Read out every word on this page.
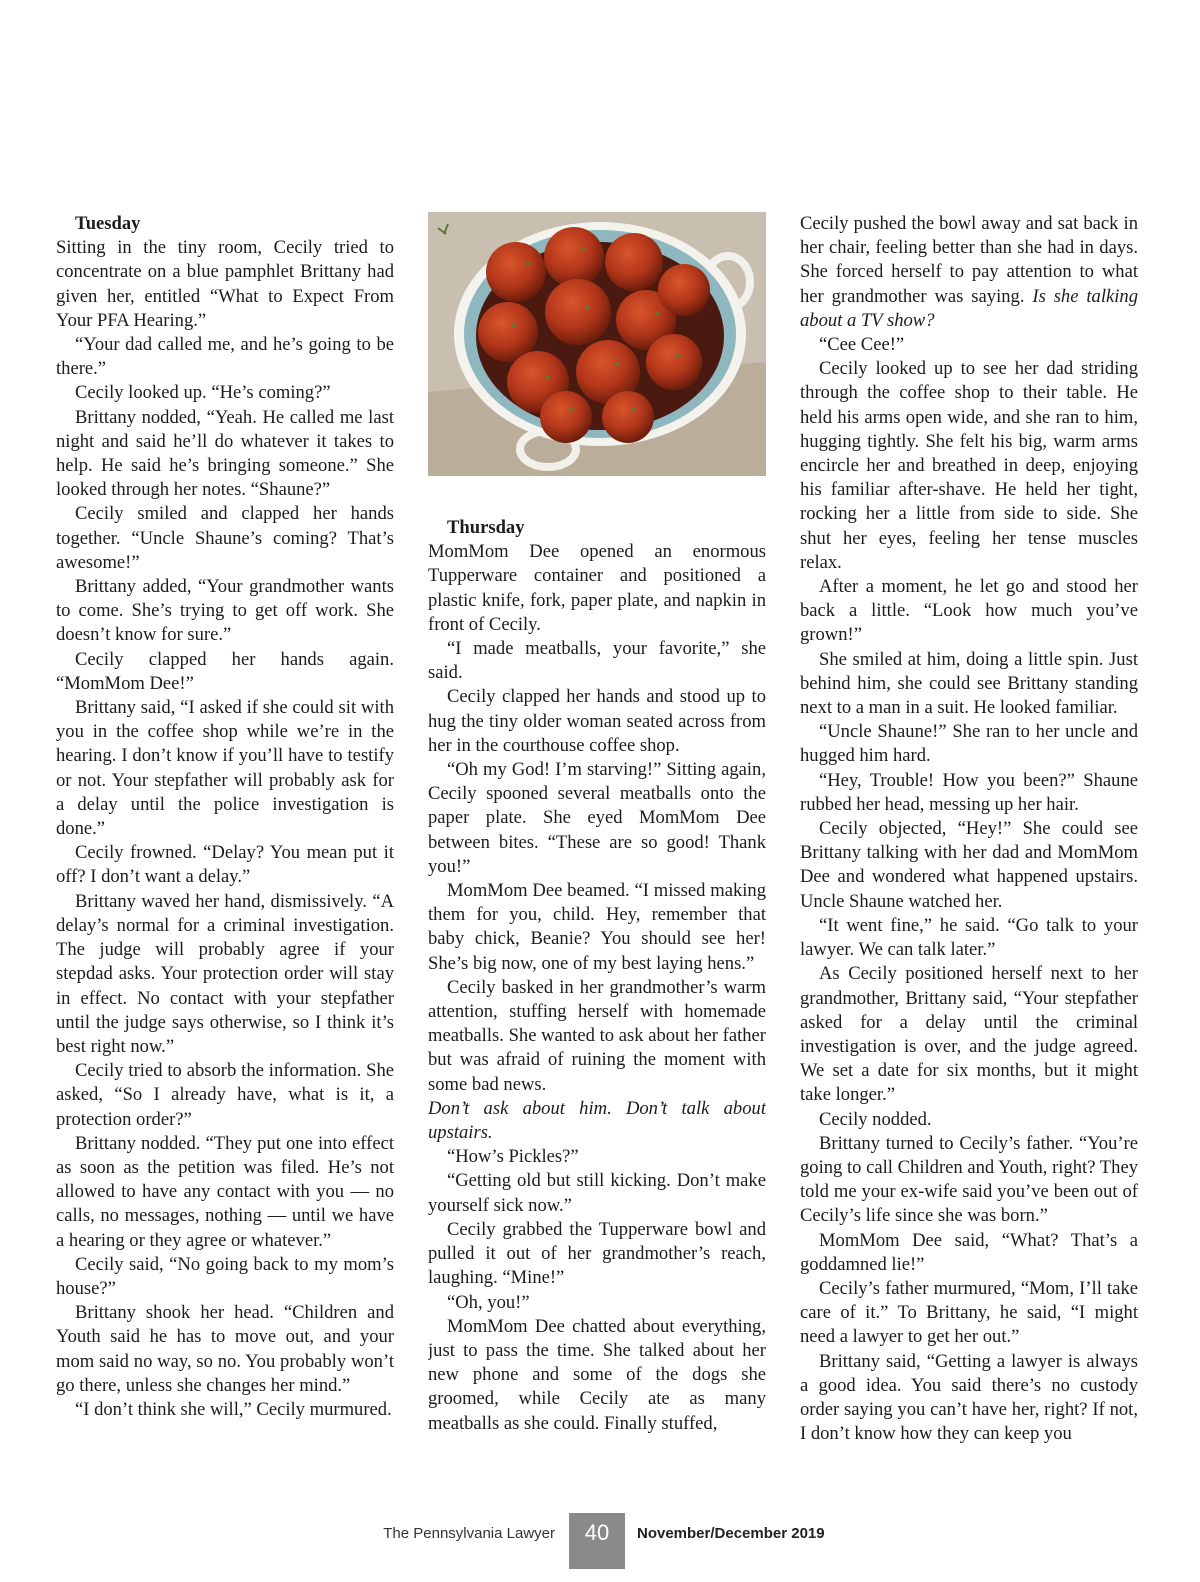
Tuesday

Sitting in the tiny room, Cecily tried to concentrate on a blue pamphlet Brittany had given her, entitled “What to Expect From Your PFA Hearing.”

“Your dad called me, and he’s going to be there.”

Cecily looked up. “He’s coming?”

Brittany nodded, “Yeah. He called me last night and said he’ll do whatever it takes to help. He said he’s bringing someone.” She looked through her notes. “Shaune?”

Cecily smiled and clapped her hands together. “Uncle Shaune’s coming? That’s awesome!”

Brittany added, “Your grandmother wants to come. She’s trying to get off work. She doesn’t know for sure.”

Cecily clapped her hands again. “MomMom Dee!”

Brittany said, “I asked if she could sit with you in the coffee shop while we’re in the hearing. I don’t know if you’ll have to testify or not. Your stepfather will probably ask for a delay until the police investigation is done.”

Cecily frowned. “Delay? You mean put it off? I don’t want a delay.”

Brittany waved her hand, dismissively. “A delay’s normal for a criminal investigation. The judge will probably agree if your stepdad asks. Your protection order will stay in effect. No contact with your stepfather until the judge says otherwise, so I think it’s best right now.”

Cecily tried to absorb the information. She asked, “So I already have, what is it, a protection order?”

Brittany nodded. “They put one into effect as soon as the petition was filed. He’s not allowed to have any contact with you — no calls, no messages, nothing — until we have a hearing or they agree or whatever.”

Cecily said, “No going back to my mom’s house?”

Brittany shook her head. “Children and Youth said he has to move out, and your mom said no way, so no. You probably won’t go there, unless she changes her mind.”

“I don’t think she will,” Cecily murmured.

Thursday

MomMom Dee opened an enormous Tupperware container and positioned a plastic knife, fork, paper plate, and napkin in front of Cecily.

“I made meatballs, your favorite,” she said.

Cecily clapped her hands and stood up to hug the tiny older woman seated across from her in the courthouse coffee shop.

“Oh my God! I’m starving!” Sitting again, Cecily spooned several meatballs onto the paper plate. She eyed MomMom Dee between bites. “These are so good! Thank you!”

MomMom Dee beamed. “I missed making them for you, child. Hey, remember that baby chick, Beanie? You should see her! She’s big now, one of my best laying hens.”

Cecily basked in her grandmother’s warm attention, stuffing herself with homemade meatballs. She wanted to ask about her father but was afraid of ruining the moment with some bad news.

Don’t ask about him. Don’t talk about upstairs.

“How’s Pickles?”

“Getting old but still kicking. Don’t make yourself sick now.”

Cecily grabbed the Tupperware bowl and pulled it out of her grandmother’s reach, laughing. “Mine!”

“Oh, you!”

MomMom Dee chatted about everything, just to pass the time. She talked about her new phone and some of the dogs she groomed, while Cecily ate as many meatballs as she could. Finally stuffed,

Cecily pushed the bowl away and sat back in her chair, feeling better than she had in days. She forced herself to pay attention to what her grandmother was saying. Is she talking about a TV show?

“Cee Cee!”

Cecily looked up to see her dad striding through the coffee shop to their table. He held his arms open wide, and she ran to him, hugging tightly. She felt his big, warm arms encircle her and breathed in deep, enjoying his familiar after-shave. He held her tight, rocking her a little from side to side. She shut her eyes, feeling her tense muscles relax.

After a moment, he let go and stood her back a little. “Look how much you’ve grown!”

She smiled at him, doing a little spin. Just behind him, she could see Brittany standing next to a man in a suit. He looked familiar.

“Uncle Shaune!” She ran to her uncle and hugged him hard.

“Hey, Trouble! How you been?” Shaune rubbed her head, messing up her hair.

Cecily objected, “Hey!” She could see Brittany talking with her dad and MomMom Dee and wondered what happened upstairs. Uncle Shaune watched her.

“It went fine,” he said. “Go talk to your lawyer. We can talk later.”

As Cecily positioned herself next to her grandmother, Brittany said, “Your stepfather asked for a delay until the criminal investigation is over, and the judge agreed. We set a date for six months, but it might take longer.”

Cecily nodded.

Brittany turned to Cecily’s father. “You’re going to call Children and Youth, right? They told me your ex-wife said you’ve been out of Cecily’s life since she was born.”

MomMom Dee said, “What? That’s a goddamned lie!”

Cecily’s father murmured, “Mom, I’ll take care of it.” To Brittany, he said, “I might need a lawyer to get her out.”

Brittany said, “Getting a lawyer is always a good idea. You said there’s no custody order saying you can’t have her, right? If not, I don’t know how they can keep you

The Pennsylvania Lawyer	40	November/December 2019
